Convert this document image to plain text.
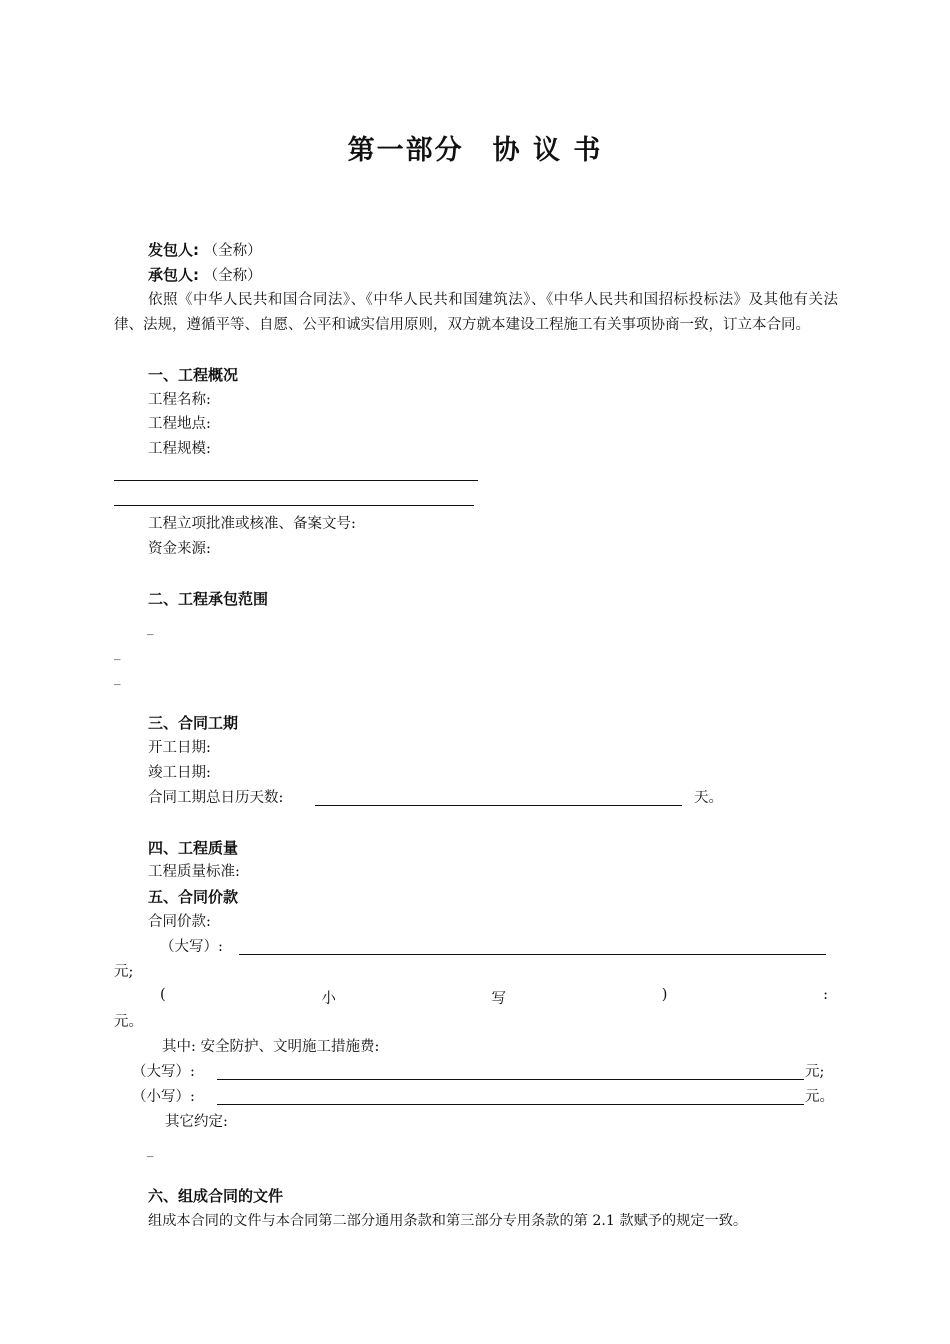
第一部分　协 议 书
发包人: （全称）
承包人: （全称）
依照《中华人民共和国合同法》、《中华人民共和国建筑法》、《中华人民共和国招标投标法》及其他有关法律、法规，遵循平等、自愿、公平和诚实信用原则，双方就本建设工程施工有关事项协商一致，订立本合同。
一、工程概况
工程名称:
工程地点:
工程规模:
工程立项批准或核准、备案文号:
资金来源:
二、工程承包范围
_
_
_
三、合同工期
开工日期:
竣工日期:
合同工期总日历天数:	天。
四、工程质量
工程质量标准:
五、合同价款
合同价款:
（大写）:
元;
(	小	写	)	:
元。
其中: 安全防护、文明施工措施费:
（大写）:	元;
（小写）:	元。
其它约定:
_
六、组成合同的文件
组成本合同的文件与本合同第二部分通用条款和第三部分专用条款的第 2.1 款赋予的规定一致。
